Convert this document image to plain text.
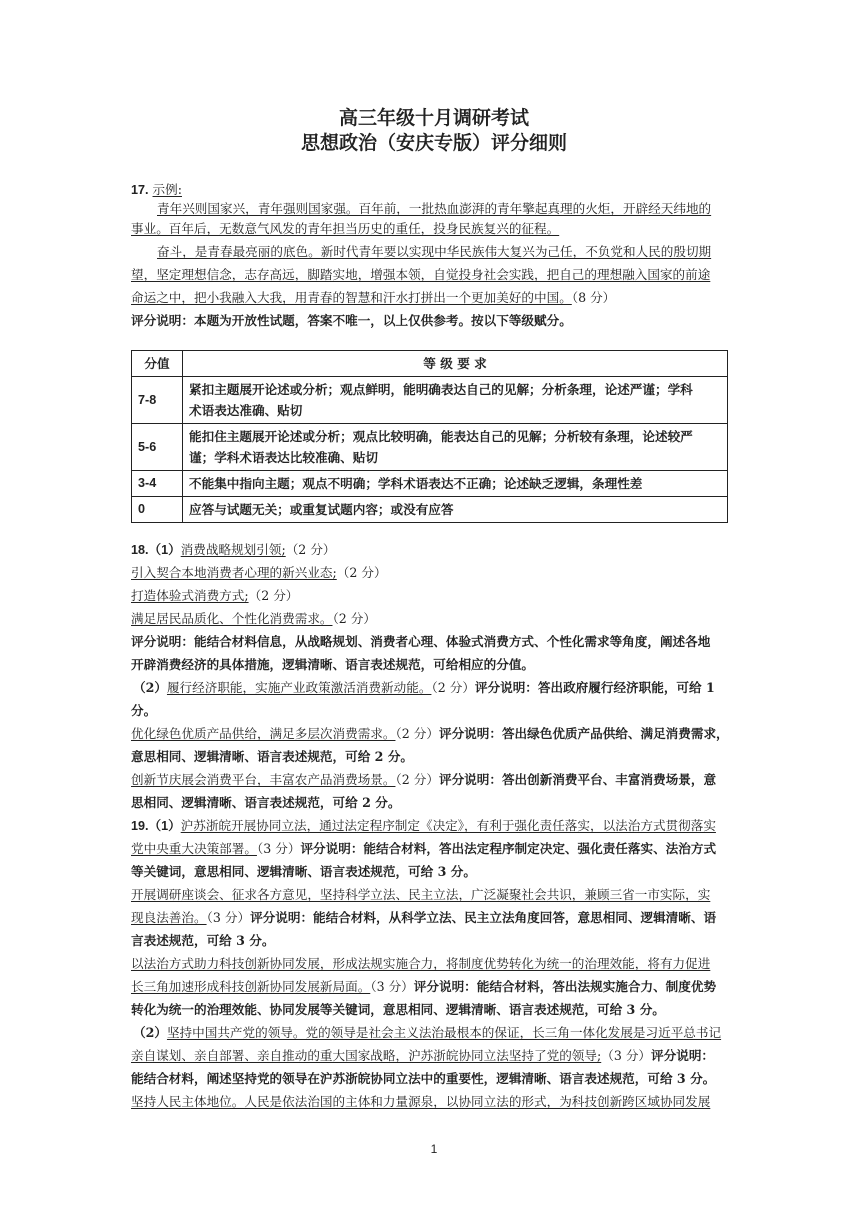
高三年级十月调研考试
思想政治（安庆专版）评分细则
17. 示例:
青年兴则国家兴，青年强则国家强。百年前，一批热血澎湃的青年擎起真理的火炬，开辟经天纬地的
事业。百年后，无数意气风发的青年担当历史的重任，投身民族复兴的征程。
奋斗，是青春最亮丽的底色。新时代青年要以实现中华民族伟大复兴为己任，不负党和人民的殷切期
望，坚定理想信念，志存高远，脚踏实地，增强本领，自觉投身社会实践，把自己的理想融入国家的前途
命运之中，把小我融入大我，用青春的智慧和汗水打拼出一个更加美好的中国。（8 分）
评分说明：本题为开放性试题，答案不唯一，以上仅供参考。按以下等级赋分。
分值	等 级 要 求
7-8	紧扣主题展开论述或分析；观点鲜明，能明确表达自己的见解；分析条理，论述严谨；学科
术语表达准确、贴切
5-6	能扣住主题展开论述或分析；观点比较明确，能表达自己的见解；分析较有条理，论述较严
谨；学科术语表达比较准确、贴切
3-4	不能集中指向主题；观点不明确；学科术语表达不正确；论述缺乏逻辑，条理性差
0	应答与试题无关；或重复试题内容；或没有应答
18.（1）消费战略规划引领;（2 分）
引入契合本地消费者心理的新兴业态;（2 分）
打造体验式消费方式;（2 分）
满足居民品质化、个性化消费需求。（2 分）
评分说明：能结合材料信息，从战略规划、消费者心理、体验式消费方式、个性化需求等角度，阐述各地
开辟消费经济的具体措施，逻辑清晰、语言表述规范，可给相应的分值。
（2）履行经济职能，实施产业政策激活消费新动能。（2 分）评分说明：答出政府履行经济职能，可给 1
分。
优化绿色优质产品供给，满足多层次消费需求。（2 分）评分说明：答出绿色优质产品供给、满足消费需求，
意思相同、逻辑清晰、语言表述规范，可给 2 分。
创新节庆展会消费平台，丰富农产品消费场景。（2 分）评分说明：答出创新消费平台、丰富消费场景，意
思相同、逻辑清晰、语言表述规范，可给 2 分。
19.（1）沪苏浙皖开展协同立法，通过法定程序制定《决定》，有利于强化责任落实，以法治方式贯彻落实
党中央重大决策部署。（3 分）评分说明：能结合材料，答出法定程序制定决定、强化责任落实、法治方式
等关键词，意思相同、逻辑清晰、语言表述规范，可给 3 分。
开展调研座谈会、征求各方意见，坚持科学立法、民主立法，广泛凝聚社会共识，兼顾三省一市实际，实
现良法善治。（3 分）评分说明：能结合材料，从科学立法、民主立法角度回答，意思相同、逻辑清晰、语
言表述规范，可给 3 分。
以法治方式助力科技创新协同发展，形成法规实施合力，将制度优势转化为统一的治理效能，将有力促进
长三角加速形成科技创新协同发展新局面。（3 分）评分说明：能结合材料，答出法规实施合力、制度优势
转化为统一的治理效能、协同发展等关键词，意思相同、逻辑清晰、语言表述规范，可给 3 分。
（2）坚持中国共产党的领导。党的领导是社会主义法治最根本的保证，长三角一体化发展是习近平总书记
亲自谋划、亲自部署、亲自推动的重大国家战略，沪苏浙皖协同立法坚持了党的领导;（3 分）评分说明：
能结合材料，阐述坚持党的领导在沪苏浙皖协同立法中的重要性，逻辑清晰、语言表述规范，可给 3 分。
坚持人民主体地位。人民是依法治国的主体和力量源泉，以协同立法的形式，为科技创新跨区域协同发展
1
